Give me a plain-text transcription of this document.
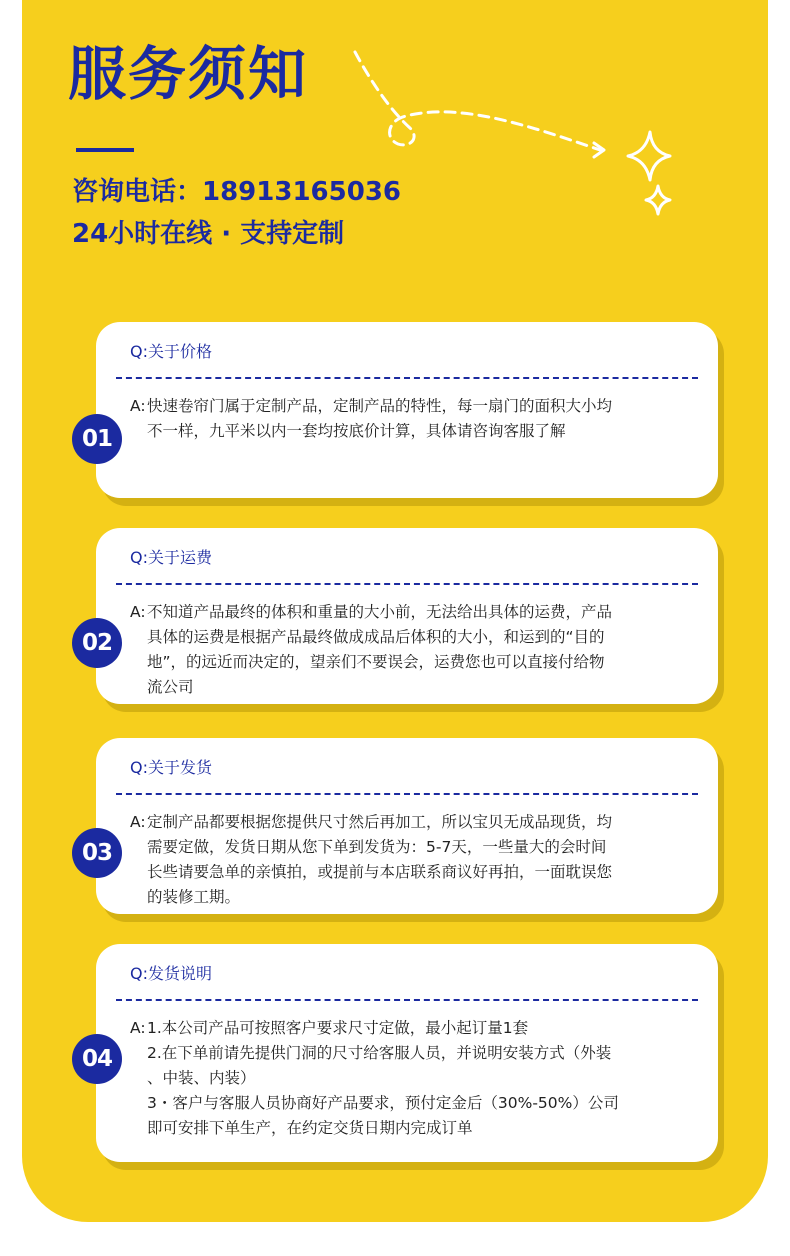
服务须知
咨询电话：18913165036
24小时在线 · 支持定制
Q:关于价格
A: 快速卷帘门属于定制产品，定制产品的特性，每一扇门的面积大小均
不一样，九平米以内一套均按底价计算，具体请咨询客服了解
01
Q:关于运费
A: 不知道产品最终的体积和重量的大小前，无法给出具体的运费，产品
具体的运费是根据产品最终做成成品后体积的大小，和运到的“目的
地”，的远近而决定的，望亲们不要误会，运费您也可以直接付给物
流公司
02
Q:关于发货
A: 定制产品都要根据您提供尺寸然后再加工，所以宝贝无成品现货，均
需要定做，发货日期从您下单到发货为：5-7天，一些量大的会时间
长些请要急单的亲慎拍，或提前与本店联系商议好再拍，一面耽误您
的装修工期。
03
Q:发货说明
A: 1.本公司产品可按照客户要求尺寸定做，最小起订量1套
2.在下单前请先提供门洞的尺寸给客服人员，并说明安装方式（外装
、中装、内装）
3・客户与客服人员协商好产品要求，预付定金后（30%-50%）公司
即可安排下单生产，在约定交货日期内完成订单
04
